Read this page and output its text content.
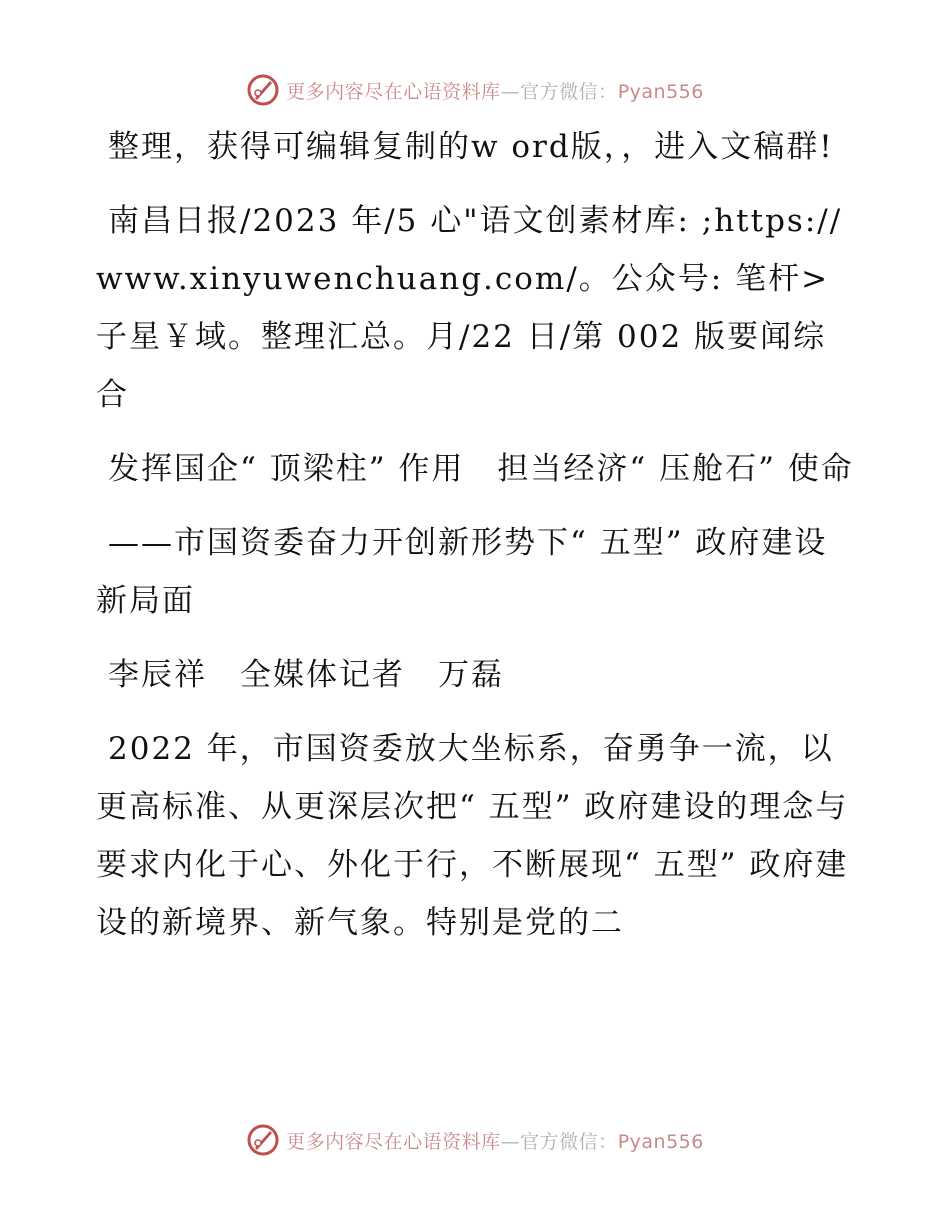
更多内容尽在心语资料库—官方微信：Pyan556

整理，获得可编辑复制的w ord版，，进入文稿群!

南昌日报/2023 年/5 心"语文创素材库: ;https://www.xinyuwenchuang.com/。公众号: 笔杆>子星￥域。整理汇总。月/22 日/第 002 版要闻综合

发挥国企“ 顶梁柱” 作用　担当经济“ 压舱石” 使命

——市国资委奋力开创新形势下“ 五型” 政府建设新局面

李辰祥　全媒体记者　万磊

2022 年，市国资委放大坐标系，奋勇争一流，以更高标准、从更深层次把“ 五型” 政府建设的理念与要求内化于心、外化于行，不断展现“ 五型” 政府建设的新境界、新气象。特别是党的二

更多内容尽在心语资料库—官方微信：Pyan556
